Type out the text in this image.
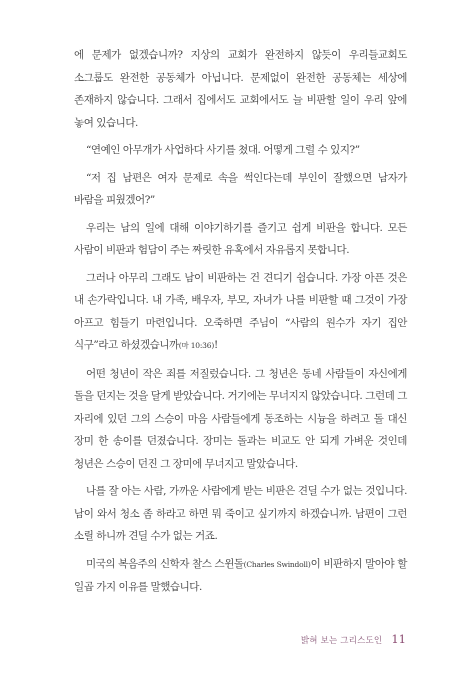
에 문제가 없겠습니까? 지상의 교회가 완전하지 않듯이 우리들교회도 소그룹도 완전한 공동체가 아닙니다. 문제없이 완전한 공동체는 세상에 존재하지 않습니다. 그래서 집에서도 교회에서도 늘 비판할 일이 우리 앞에 놓여 있습니다.

“연예인 아무개가 사업하다 사기를 쳤대. 어떻게 그럴 수 있지?”

“저 집 남편은 여자 문제로 속을 썩인다는데 부인이 잘했으면 남자가 바람을 피웠겠어?”

우리는 남의 일에 대해 이야기하기를 즐기고 쉽게 비판을 합니다. 모든 사람이 비판과 험담이 주는 짜릿한 유혹에서 자유롭지 못합니다.

그러나 아무리 그래도 남이 비판하는 건 견디기 쉽습니다. 가장 아픈 것은 내 손가락입니다. 내 가족, 배우자, 부모, 자녀가 나를 비판할 때 그것이 가장 아프고 힘들기 마련입니다. 오죽하면 주님이 “사람의 원수가 자기 집안 식구”라고 하셨겠습니까(마 10:36)!

어떤 청년이 작은 죄를 저질렀습니다. 그 청년은 동네 사람들이 자신에게 돌을 던지는 것을 달게 받았습니다. 거기에는 무너지지 않았습니다. 그런데 그 자리에 있던 그의 스승이 마음 사람들에게 동조하는 시늉을 하려고 돌 대신 장미 한 송이를 던졌습니다. 장미는 돌과는 비교도 안 되게 가벼운 것인데 청년은 스승이 던진 그 장미에 무너지고 말았습니다.

나를 잘 아는 사람, 가까운 사람에게 받는 비판은 견딜 수가 없는 것입니다. 남이 와서 청소 좀 하라고 하면 뭐 죽이고 싶기까지 하겠습니까. 남편이 그런 소릴 하니까 견딜 수가 없는 거죠.

미국의 복음주의 신학자 찰스 스윈돌(Charles Swindoll)이 비판하지 말아야 할 일곱 가지 이유를 말했습니다.

밝혀 보는 그리스도인 11
